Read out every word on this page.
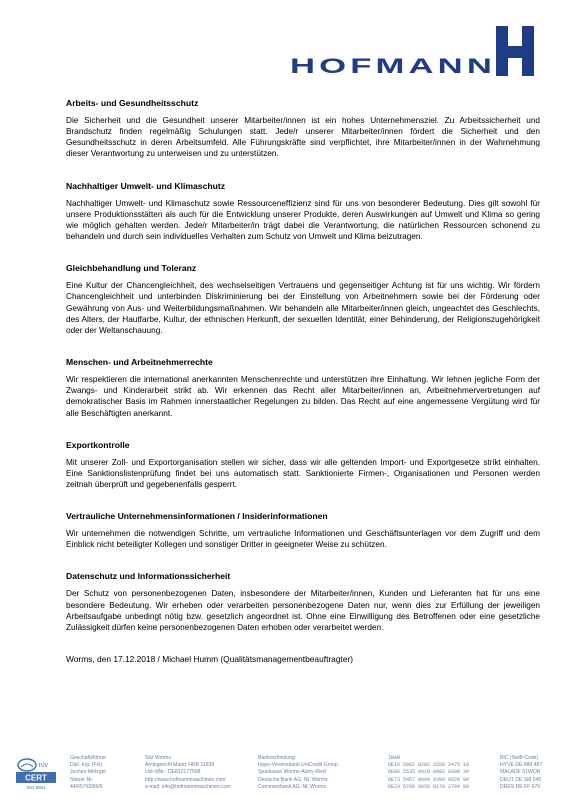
HOFMANN
Arbeits- und Gesundheitsschutz

Die Sicherheit und die Gesundheit unserer Mitarbeiter/innen ist ein hohes Unternehmensziel. Zu Arbeitssicherheit und Brandschutz finden regelmäßig Schulungen statt. Jede/r unserer Mitarbeiter/innen fördert die Sicherheit und den Gesundheitsschutz in deren Arbeitsumfeld. Alle Führungskräfte sind verpflichtet, ihre Mitarbeiter/innen in der Wahrnehmung dieser Verantwortung zu unterweisen und zu unterstützen.

Nachhaltiger Umwelt- und Klimaschutz

Nachhaltiger Umwelt- und Klimaschutz sowie Ressourceneffizienz sind für uns von besonderer Bedeutung. Dies gilt sowohl für unsere Produktionsstätten als auch für die Entwicklung unserer Produkte, deren Auswirkungen auf Umwelt und Klima so gering wie möglich gehalten werden. Jede/r Mitarbeiter/in trägt dabei die Verantwortung, die natürlichen Ressourcen schonend zu behandeln und durch sein individuelles Verhalten zum Schutz von Umwelt und Klima beizutragen.

Gleichbehandlung und Toleranz

Eine Kultur der Chancengleichheit, des wechselseitigen Vertrauens und gegenseitiger Achtung ist für uns wichtig. Wir fördern Chancengleichheit und unterbinden Diskriminierung bei der Einstellung von Arbeitnehmern sowie bei der Förderung oder Gewährung von Aus- und Weiterbildungsmaßnahmen. Wir behandeln alle Mitarbeiter/innen gleich, ungeachtet des Geschlechts, des Alters, der Hautfarbe, Kultur, der ethnischen Herkunft, der sexuellen Identität, einer Behinderung, der Religionszugehörigkeit oder der Weltanschauung.

Menschen- und Arbeitnehmerrechte

Wir respektieren die international anerkannten Menschenrechte und unterstützen ihre Einhaltung. Wir lehnen jegliche Form der Zwangs- und Kinderarbeit strikt ab. Wir erkennen das Recht aller Mitarbeiter/innen an, Arbeitnehmervertretungen auf demokratischer Basis im Rahmen innerstaatlicher Regelungen zu bilden. Das Recht auf eine angemessene Vergütung wird für alle Beschäftigten anerkannt.

Exportkontrolle

Mit unserer Zoll- und Exportorganisation stellen wir sicher, dass wir alle geltenden Import- und Exportgesetze strikt einhalten. Eine Sanktionslistenprüfung findet bei uns automatisch statt. Sanktionierte Firmen-, Organisationen und Personen werden zeitnah überprüft und gegebenenfalls gesperrt.

Vertrauliche Unternehmensinformationen / Insiderinformationen

Wir unternehmen die notwendigen Schritte, um vertrauliche Informationen und Geschäftsunterlagen vor dem Zugriff und dem Einblick nicht beteiligter Kollegen und sonstiger Dritter in geeigneter Weise zu schützen.

Datenschutz und Informationssicherheit

Der Schutz von personenbezogenen Daten, insbesondere der Mitarbeiter/innen, Kunden und Lieferanten hat für uns eine besondere Bedeutung. Wir erheben oder verarbeiten personenbezogene Daten nur, wenn dies zur Erfüllung der jeweiligen Arbeitsaufgabe unbedingt nötig bzw. gesetzlich angeordnet ist. Ohne eine Einwilligung des Betroffenen oder eine gesetzliche Zulässigkeit dürfen keine personenbezogenen Daten erhoben oder verarbeitet werden.

Worms, den 17.12.2018 / Michael Humm (Qualitätsmanagementbeauftragter)
TÜV
CERT
ISO 9001
Geschäftsführer
Dipl.-Ing. (FH)
Jochen Metzger
Steuer-Nr.
44/657/0099/6
Sitz Worms
Amtsgericht Mainz HRB 11839
Ust-IdNr.: DE812177568
http://www.hofmannmaschinen.com
e-mail: info@hofmannmaschinen.com
Bankverbindung:
Hypo-Vereinsbank UniCredit Group
Sparkasse Worms-Alzey-Ried
Deutsche Bank AG, NL Worms
Commerzbank AG, NL Worms
IBAN
DE16 5082 0292 2550 2475 10
DE06 5535 0010 0002 0300 39
DE73 5457 0094 0399 6626 00
DE23 6708 0050 0178 2794 00
BIC (Swift-Code)
HYVE DE MM 487
MALADE 51WOR
DEUT DE SM 545
DRES DE FF 670
